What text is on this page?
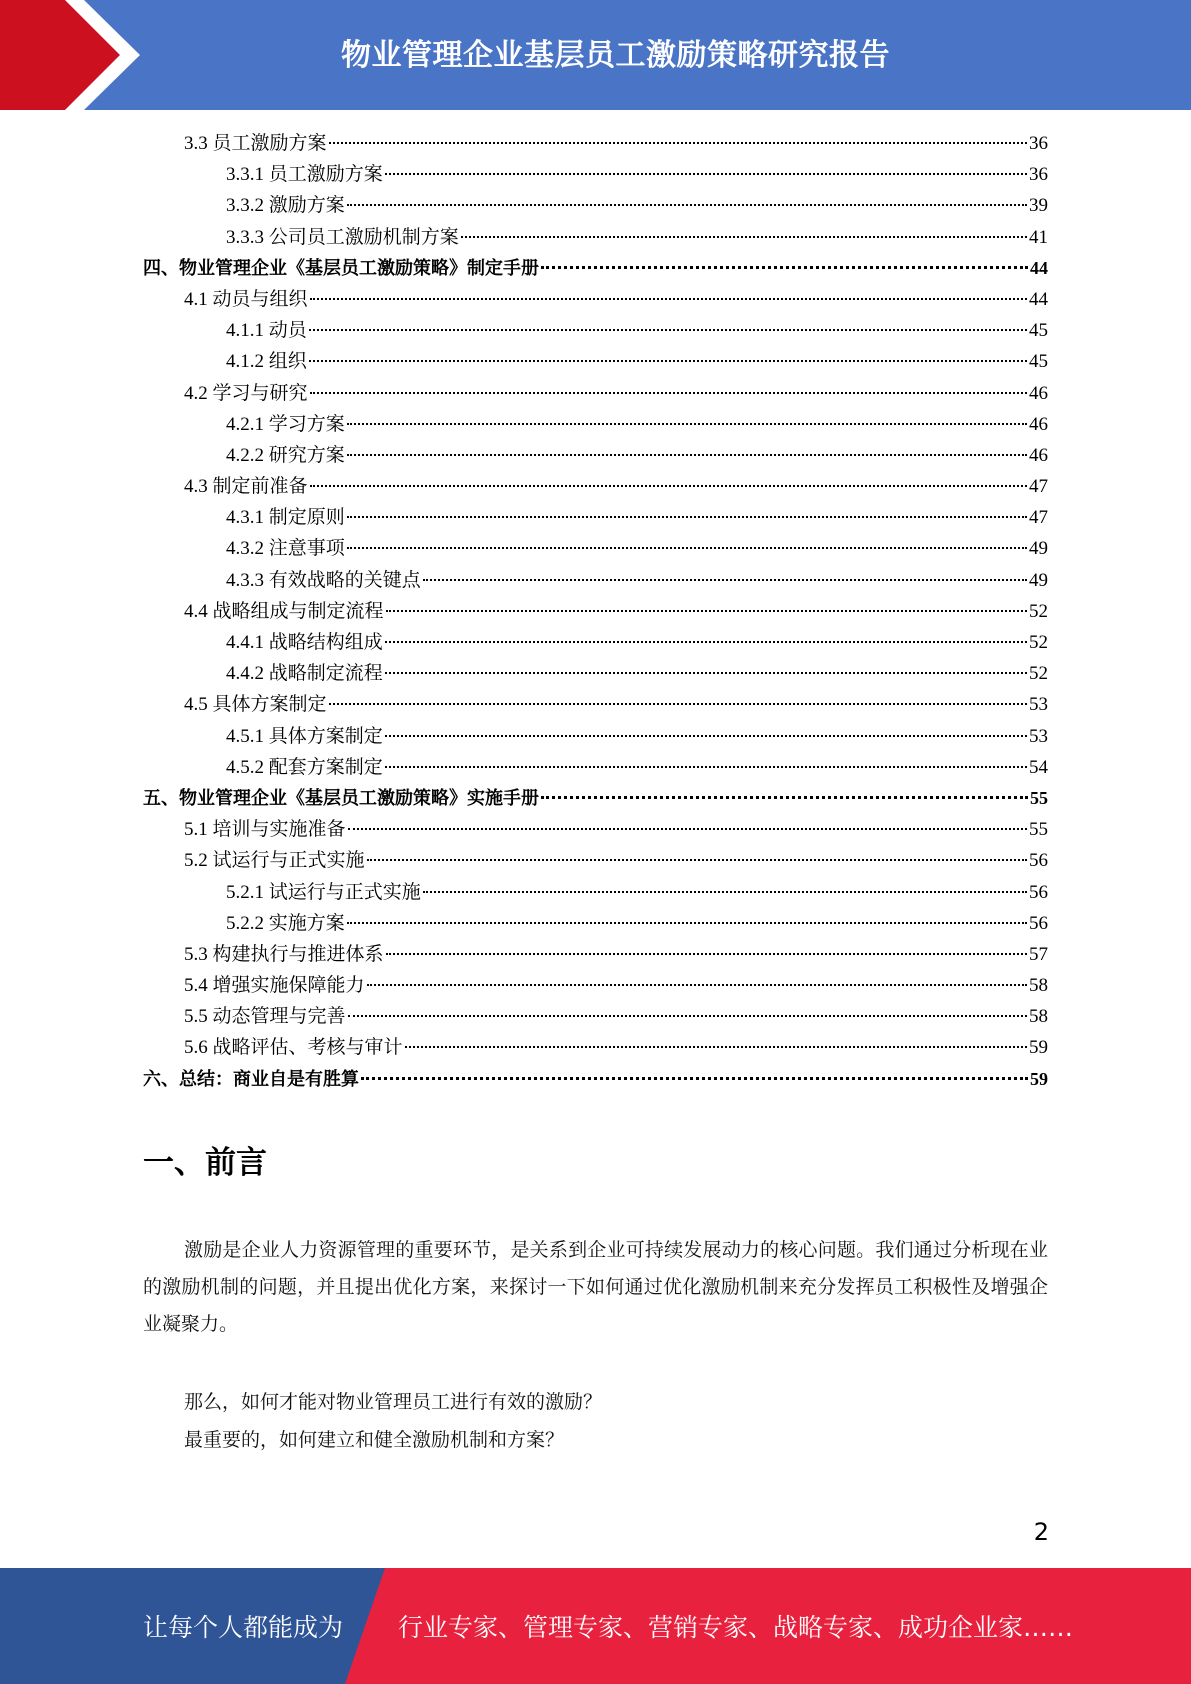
物业管理企业基层员工激励策略研究报告
3.3 员工激励方案	36
3.3.1 员工激励方案	36
3.3.2 激励方案	39
3.3.3 公司员工激励机制方案	41
四、物业管理企业《基层员工激励策略》制定手册	44
4.1 动员与组织	44
4.1.1 动员	45
4.1.2 组织	45
4.2 学习与研究	46
4.2.1 学习方案	46
4.2.2 研究方案	46
4.3 制定前准备	47
4.3.1 制定原则	47
4.3.2 注意事项	49
4.3.3 有效战略的关键点	49
4.4 战略组成与制定流程	52
4.4.1 战略结构组成	52
4.4.2 战略制定流程	52
4.5 具体方案制定	53
4.5.1 具体方案制定	53
4.5.2 配套方案制定	54
五、物业管理企业《基层员工激励策略》实施手册	55
5.1 培训与实施准备	55
5.2 试运行与正式实施	56
5.2.1 试运行与正式实施	56
5.2.2 实施方案	56
5.3 构建执行与推进体系	57
5.4 增强实施保障能力	58
5.5 动态管理与完善	58
5.6 战略评估、考核与审计	59
六、总结：商业自是有胜算	59
一、前言
激励是企业人力资源管理的重要环节，是关系到企业可持续发展动力的核心问题。我们通过分析现在业的激励机制的问题，并且提出优化方案，来探讨一下如何通过优化激励机制来充分发挥员工积极性及增强企业凝聚力。
那么，如何才能对物业管理员工进行有效的激励？
最重要的，如何建立和健全激励机制和方案？
2
让每个人都能成为 行业专家、管理专家、营销专家、战略专家、成功企业家……
